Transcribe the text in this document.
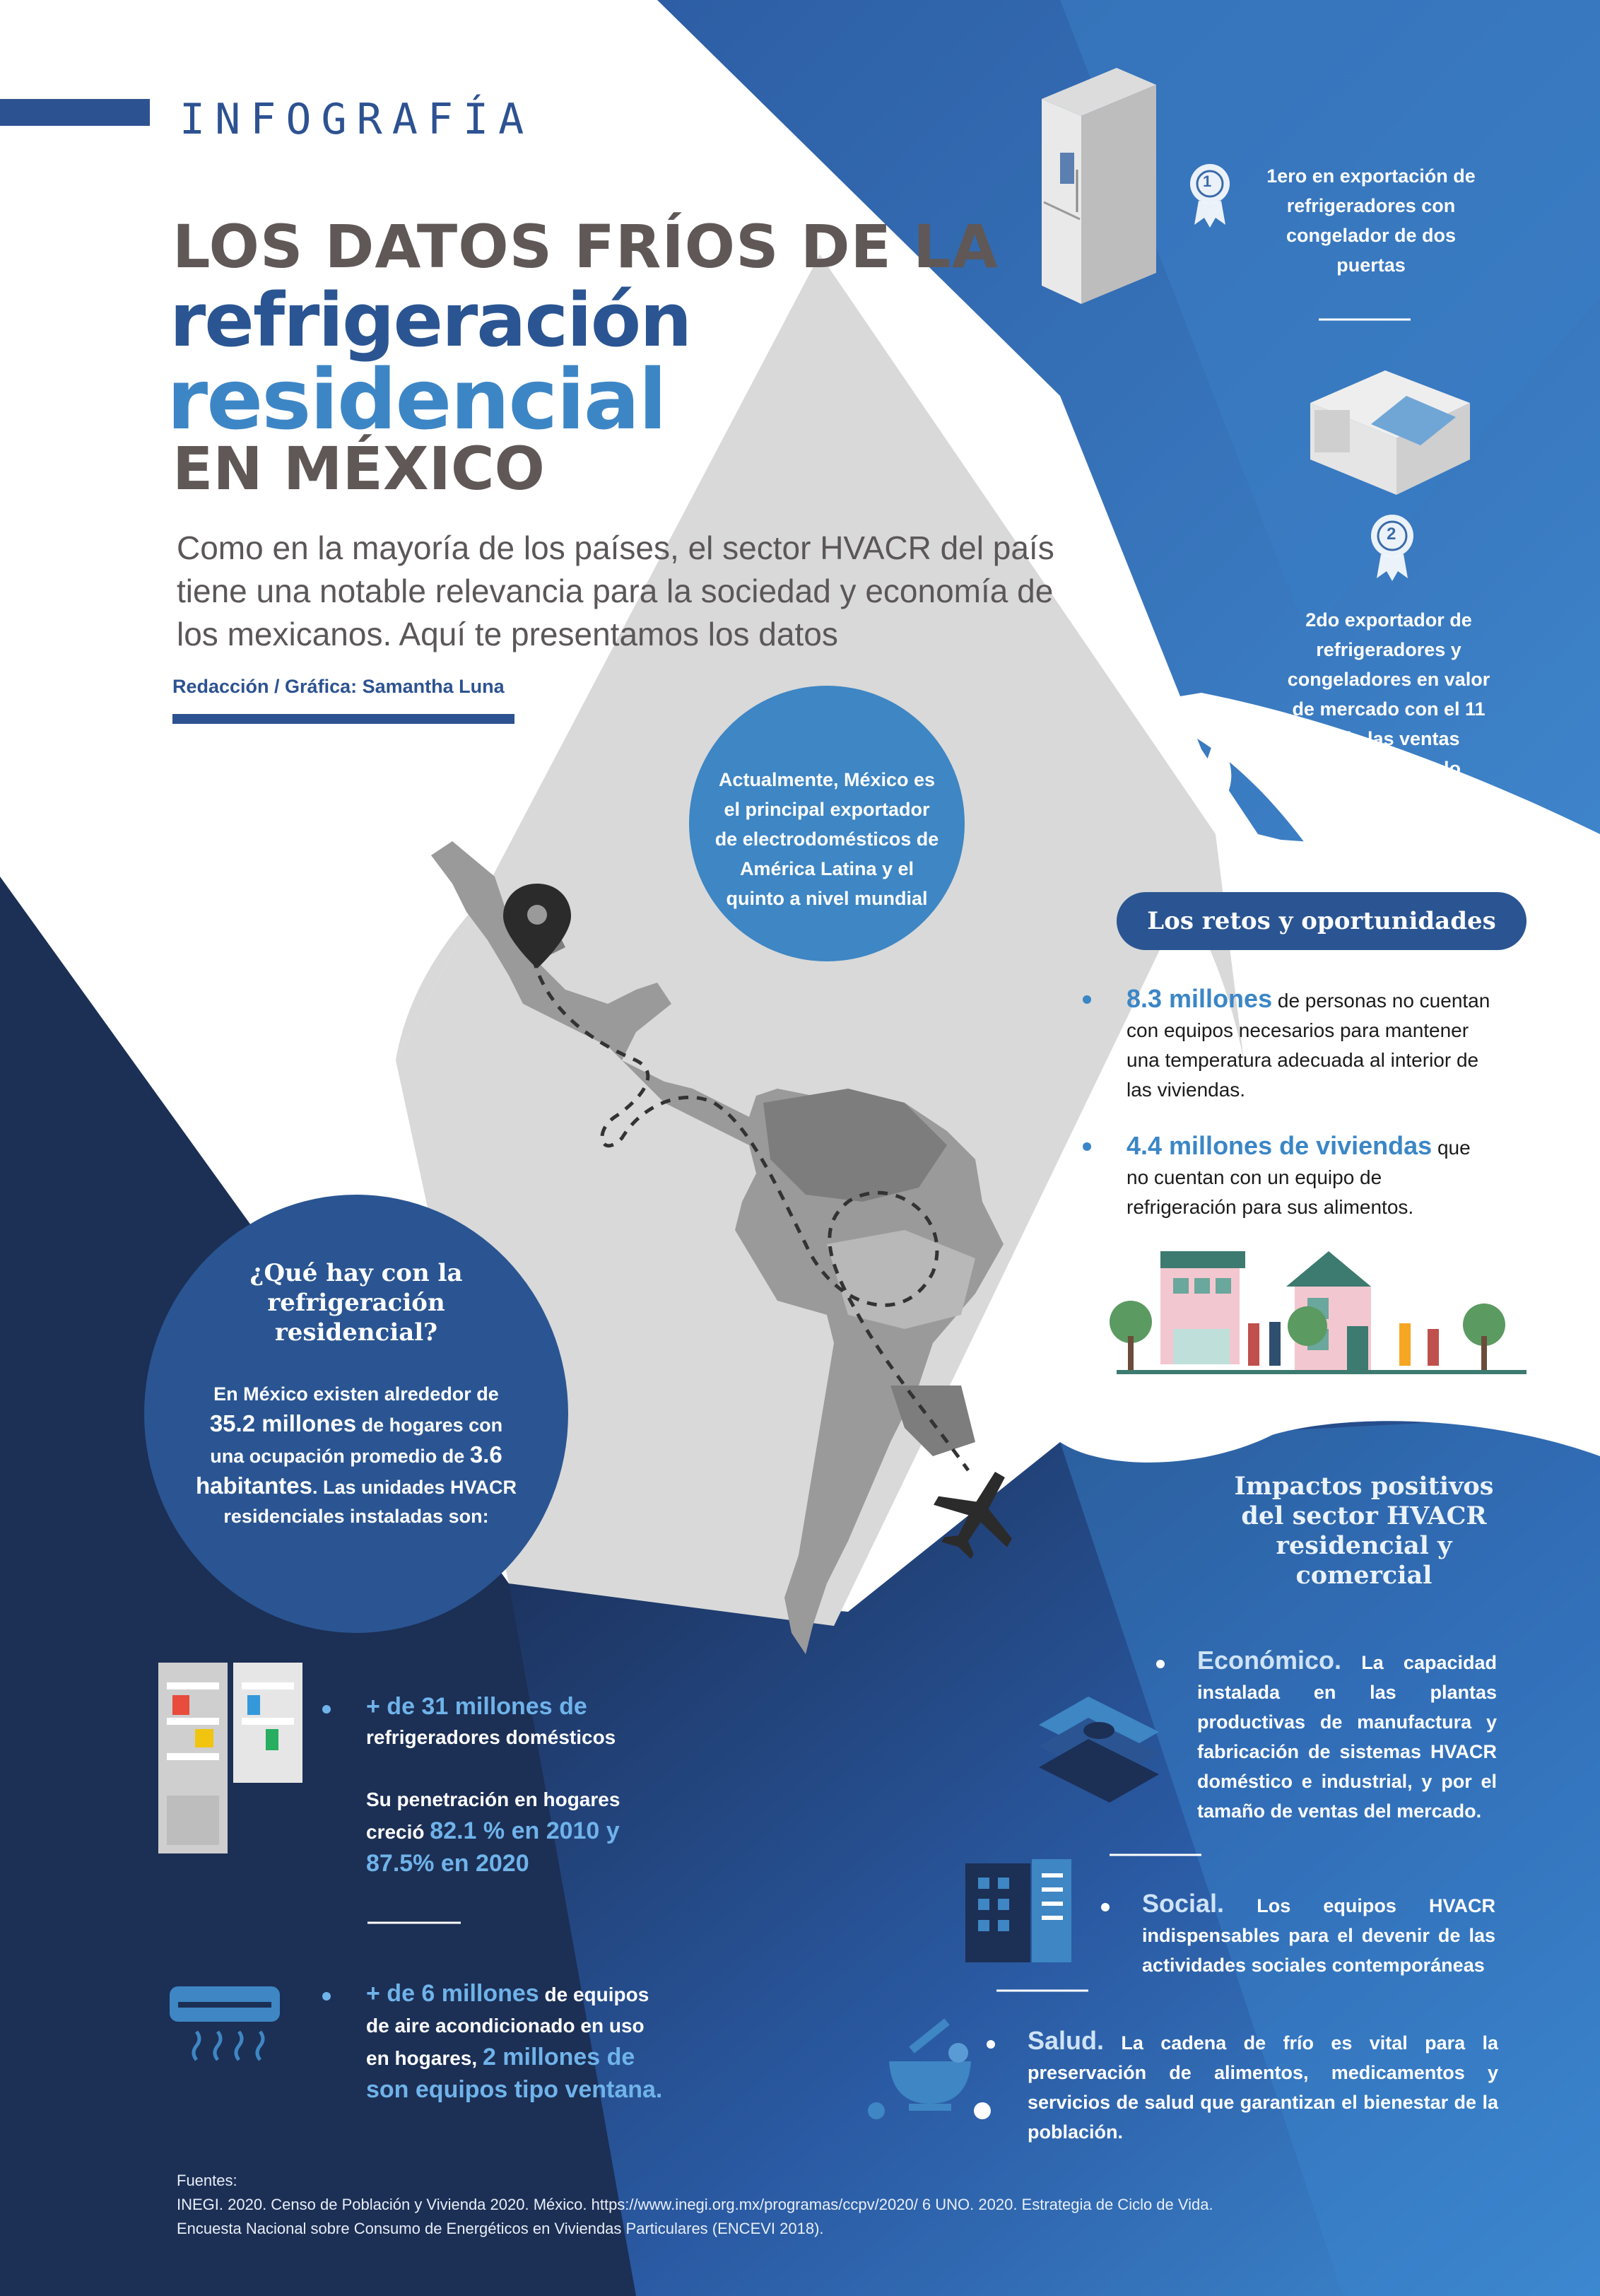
INFOGRAFÍA
LOS DATOS FRÍOS DE LA
refrigeración
residencial
EN MÉXICO
Como en la mayoría de los países, el sector HVACR del país tiene una notable relevancia para la sociedad y economía de los mexicanos. Aquí te presentamos los datos
Redacción / Gráfica: Samantha Luna
Actualmente, México es el principal exportador de electrodomésticos de América Latina y el quinto a nivel mundial
1ero en exportación de refrigeradores con congelador de dos puertas
2do exportador de refrigeradores y congeladores en valor de mercado con el 11 % de las ventas mundiales, solo detrás de China
1
2
Los retos y oportunidades
8.3 millones de personas no cuentan con equipos necesarios para mantener una temperatura adecuada al interior de las viviendas.
4.4 millones de viviendas que no cuentan con un equipo de refrigeración para sus alimentos.
¿Qué hay con la refrigeración residencial?
En México existen alrededor de 35.2 millones de hogares con una ocupación promedio de 3.6 habitantes. Las unidades HVACR residenciales instaladas son:
+ de 31 millones de
refrigeradores domésticos
Su penetración en hogares creció 82.1 % en 2010 y 87.5% en 2020
+ de 6 millones de equipos de aire acondicionado en uso en hogares, 2 millones de son equipos tipo ventana.
Impactos positivos del sector HVACR residencial y comercial
Económico. La capacidad instalada en las plantas productivas de manufactura y fabricación de sistemas HVACR doméstico e industrial, y por el tamaño de ventas del mercado.
Social. Los equipos HVACR indispensables para el devenir de las actividades sociales contemporáneas
Salud. La cadena de frío es vital para la preservación de alimentos, medicamentos y servicios de salud que garantizan el bienestar de la población.
Fuentes:
INEGI. 2020. Censo de Población y Vivienda 2020. México. https://www.inegi.org.mx/programas/ccpv/2020/ 6 UNO. 2020. Estrategia de Ciclo de Vida.
Encuesta Nacional sobre Consumo de Energéticos en Viviendas Particulares (ENCEVI 2018).
